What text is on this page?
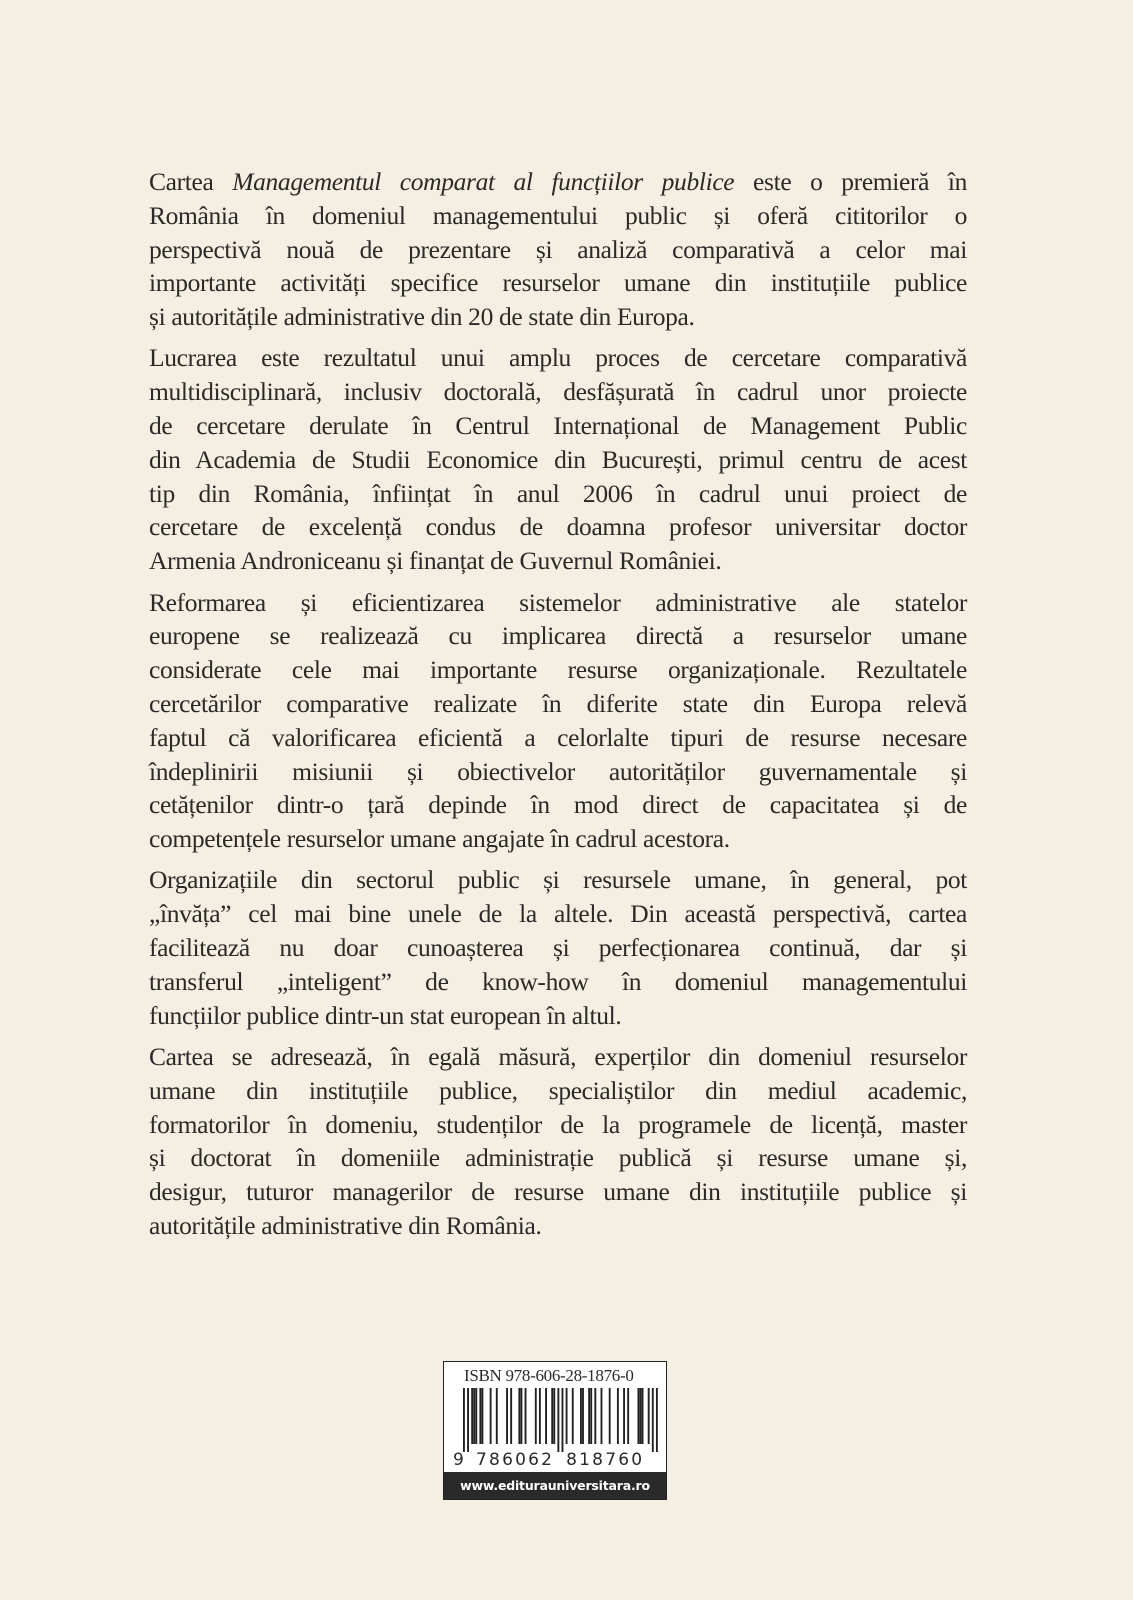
Cartea Managementul comparat al funcțiilor publice este o premieră în
România în domeniul managementului public și oferă cititorilor o
perspectivă nouă de prezentare și analiză comparativă a celor mai
importante activități specifice resurselor umane din instituțiile publice
și autoritățile administrative din 20 de state din Europa.
Lucrarea este rezultatul unui amplu proces de cercetare comparativă
multidisciplinară, inclusiv doctorală, desfășurată în cadrul unor proiecte
de cercetare derulate în Centrul Internațional de Management Public
din Academia de Studii Economice din București, primul centru de acest
tip din România, înființat în anul 2006 în cadrul unui proiect de
cercetare de excelență condus de doamna profesor universitar doctor
Armenia Androniceanu și finanțat de Guvernul României.
Reformarea și eficientizarea sistemelor administrative ale statelor
europene se realizează cu implicarea directă a resurselor umane
considerate cele mai importante resurse organizaționale. Rezultatele
cercetărilor comparative realizate în diferite state din Europa relevă
faptul că valorificarea eficientă a celorlalte tipuri de resurse necesare
îndeplinirii misiunii și obiectivelor autorităților guvernamentale și
cetățenilor dintr-o țară depinde în mod direct de capacitatea și de
competențele resurselor umane angajate în cadrul acestora.
Organizațiile din sectorul public și resursele umane, în general, pot
„învăța” cel mai bine unele de la altele. Din această perspectivă, cartea
facilitează nu doar cunoașterea și perfecționarea continuă, dar și
transferul „inteligent” de know-how în domeniul managementului
funcțiilor publice dintr-un stat european în altul.
Cartea se adresează, în egală măsură, experților din domeniul resurselor
umane din instituțiile publice, specialiștilor din mediul academic,
formatorilor în domeniu, studenților de la programele de licență, master
și doctorat în domeniile administrație publică și resurse umane și,
desigur, tuturor managerilor de resurse umane din instituțiile publice și
autoritățile administrative din România.
ISBN 978-606-28-1876-0
9 786062 818760
www.editurauniversitara.ro
